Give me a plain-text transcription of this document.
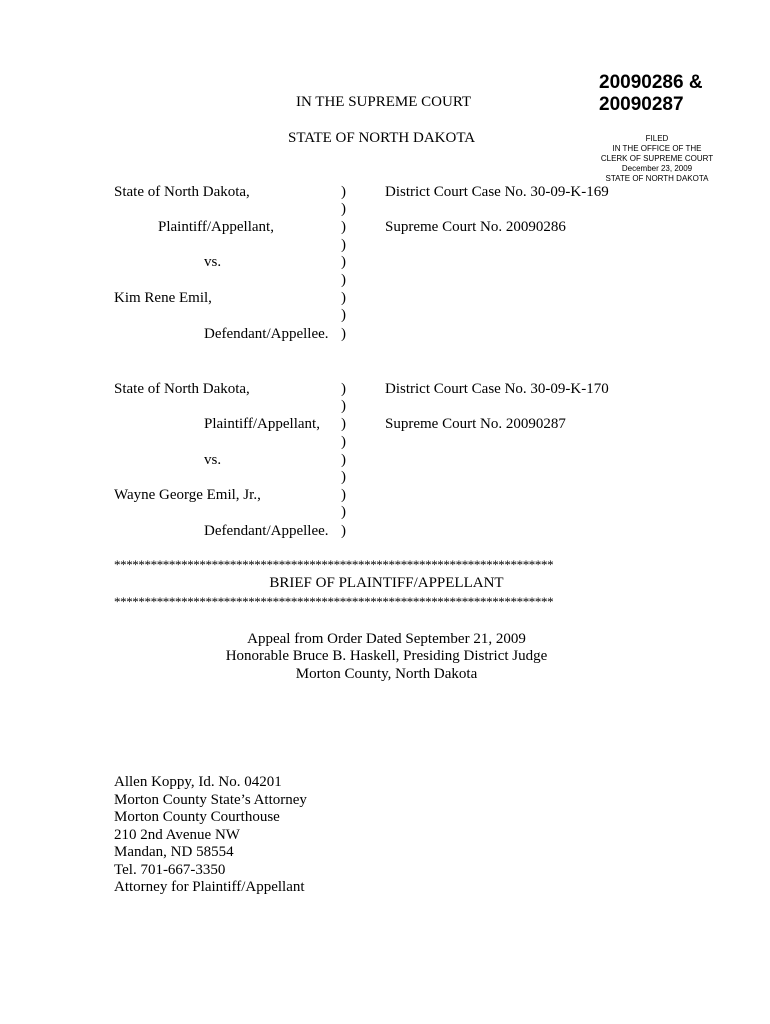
IN THE SUPREME COURT
STATE OF NORTH DAKOTA
20090286 &
20090287
FILED
IN THE OFFICE OF THE
CLERK OF SUPREME COURT
December 23, 2009
STATE OF NORTH DAKOTA
State of North Dakota,	)	District Court Case No. 30-09-K-169
)
Plaintiff/Appellant,	)	Supreme Court No. 20090286
)
vs.	)
)
Kim Rene Emil,	)
)
Defendant/Appellee. )
State of North Dakota,	)	District Court Case No. 30-09-K-170
)
Plaintiff/Appellant, )	Supreme Court No. 20090287
)
vs.	)
)
Wayne George Emil, Jr.,	)
)
Defendant/Appellee. )
************************************************************************
BRIEF OF PLAINTIFF/APPELLANT
************************************************************************
Appeal from Order Dated September 21, 2009
Honorable Bruce B. Haskell, Presiding District Judge
Morton County, North Dakota
Allen Koppy, Id. No. 04201
Morton County State’s Attorney
Morton County Courthouse
210 2nd Avenue NW
Mandan, ND 58554
Tel. 701-667-3350
Attorney for Plaintiff/Appellant
